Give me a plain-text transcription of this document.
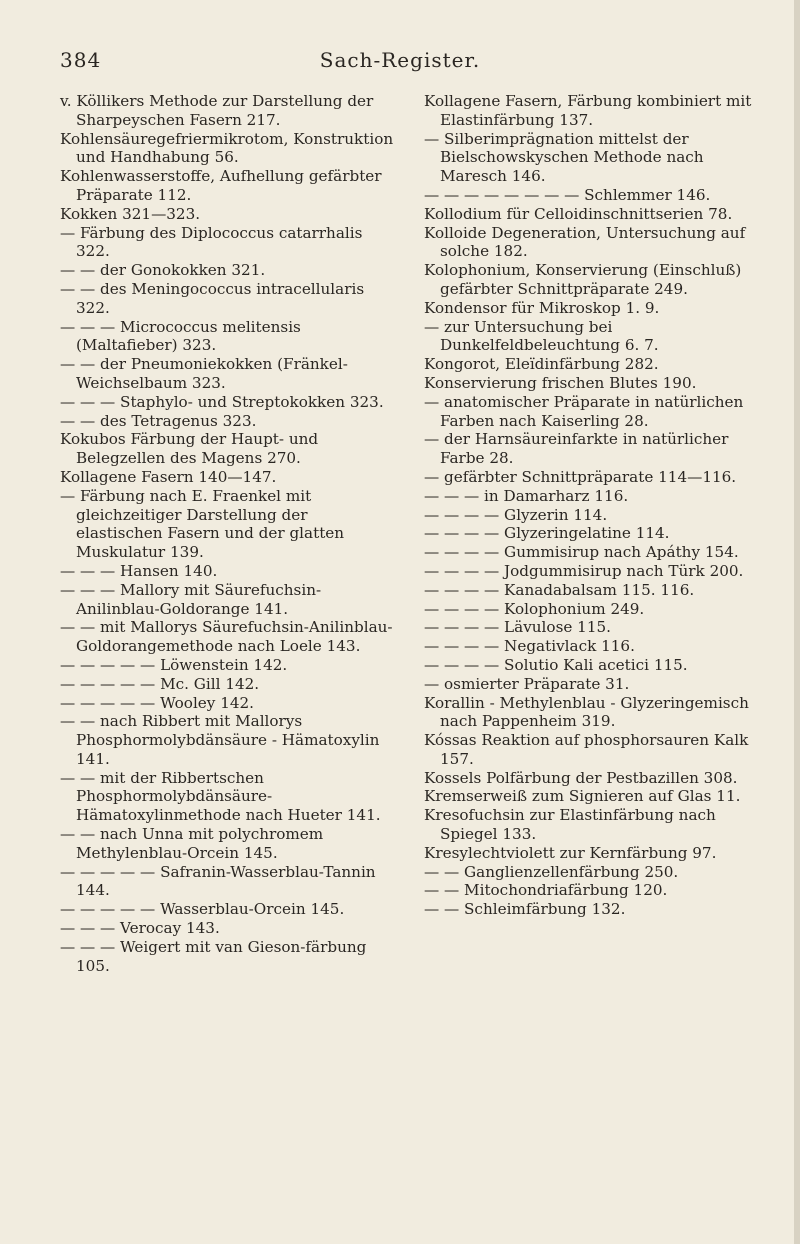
384	Sach-Register.

v. Köllikers Methode zur Darstellung der Sharpeyschen Fasern 217.

Kohlensäuregefriermikrotom, Konstruktion und Handhabung 56.

Kohlenwasserstoffe, Aufhellung gefärbter Präparate 112.

Kokken 321—323.

— Färbung des Diplococcus catarrhalis 322.

— — der Gonokokken 321.

— — des Meningococcus intracellularis 322.

— — — Micrococcus melitensis (Maltafieber) 323.

— — der Pneumoniekokken (Fränkel-Weichselbaum 323.

— — — Staphylo- und Streptokokken 323.

— — des Tetragenus 323.

Kokubos Färbung der Haupt- und Belegzellen des Magens 270.

Kollagene Fasern 140—147.

— Färbung nach E. Fraenkel mit gleichzeitiger Darstellung der elastischen Fasern und der glatten Muskulatur 139.

— — — Hansen 140.

— — — Mallory mit Säurefuchsin-Anilinblau-Goldorange 141.

— — mit Mallorys Säurefuchsin-Anilinblau-Goldorangemethode nach Loele 143.

— — — — — Löwenstein 142.

— — — — — Mc. Gill 142.

— — — — — Wooley 142.

— — nach Ribbert mit Mallorys Phosphormolybdänsäure - Hämatoxylin 141.

— — mit der Ribbertschen Phosphormolybdänsäure-Hämatoxylinmethode nach Hueter 141.

— — nach Unna mit polychromem Methylenblau-Orcein 145.

— — — — — Safranin-Wasserblau-Tannin 144.

— — — — — Wasserblau-Orcein 145.

— — — Verocay 143.

— — — Weigert mit van Gieson-färbung 105.

Kollagene Fasern, Färbung kombiniert mit Elastinfärbung 137.

— Silberimprägnation mittelst der Bielschowskyschen Methode nach Maresch 146.

— — — — — — — — Schlemmer 146.

Kollodium für Celloidinschnittserien 78.

Kolloide Degeneration, Untersuchung auf solche 182.

Kolophonium, Konservierung (Einschluß) gefärbter Schnittpräparate 249.

Kondensor für Mikroskop 1. 9.

— zur Untersuchung bei Dunkelfeldbeleuchtung 6. 7.

Kongorot, Eleïdinfärbung 282.

Konservierung frischen Blutes 190.

— anatomischer Präparate in natürlichen Farben nach Kaiserling 28.

— der Harnsäureinfarkte in natürlicher Farbe 28.

— gefärbter Schnittpräparate 114—116.

— — — in Damarharz 116.

— — — — Glyzerin 114.

— — — — Glyzeringelatine 114.

— — — — Gummisirup nach Apáthy 154.

— — — — Jodgummisirup nach Türk 200.

— — — — Kanadabalsam 115. 116.

— — — — Kolophonium 249.

— — — — Lävulose 115.

— — — — Negativlack 116.

— — — — Solutio Kali acetici 115.

— osmierter Präparate 31.

Korallin - Methylenblau - Glyzeringemisch nach Pappenheim 319.

Kóssas Reaktion auf phosphorsauren Kalk 157.

Kossels Polfärbung der Pestbazillen 308.

Kremserweiß zum Signieren auf Glas 11.

Kresofuchsin zur Elastinfärbung nach Spiegel 133.

Kresylechtviolett zur Kernfärbung 97.

— — Ganglienzellenfärbung 250.

— — Mitochondriafärbung 120.

— — Schleimfärbung 132.
